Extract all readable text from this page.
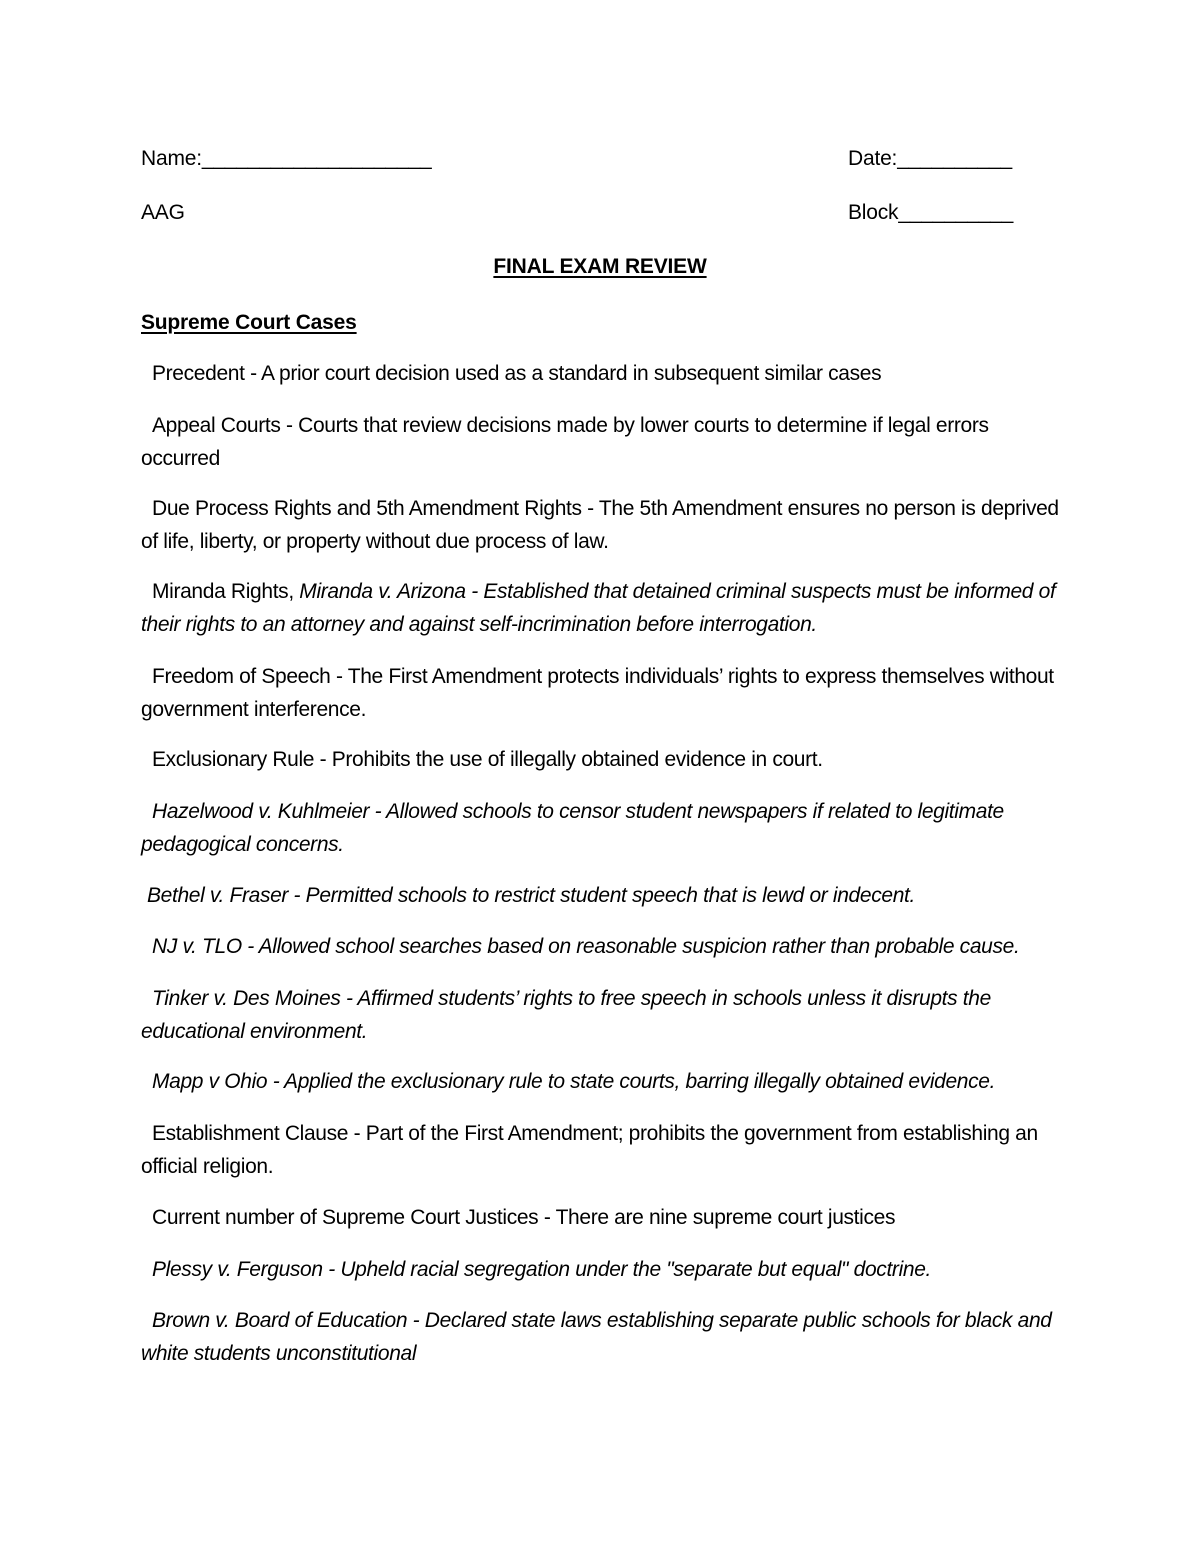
Name:____________________	Date:__________
AAG	Block__________
FINAL EXAM REVIEW
Supreme Court Cases
Precedent - A prior court decision used as a standard in subsequent similar cases
Appeal Courts - Courts that review decisions made by lower courts to determine if legal errors occurred
Due Process Rights and 5th Amendment Rights - The 5th Amendment ensures no person is deprived of life, liberty, or property without due process of law.
Miranda Rights, Miranda v. Arizona - Established that detained criminal suspects must be informed of their rights to an attorney and against self-incrimination before interrogation.
Freedom of Speech - The First Amendment protects individuals’ rights to express themselves without government interference.
Exclusionary Rule - Prohibits the use of illegally obtained evidence in court.
Hazelwood v. Kuhlmeier - Allowed schools to censor student newspapers if related to legitimate pedagogical concerns.
Bethel v. Fraser - Permitted schools to restrict student speech that is lewd or indecent.
NJ v. TLO - Allowed school searches based on reasonable suspicion rather than probable cause.
Tinker v. Des Moines - Affirmed students’ rights to free speech in schools unless it disrupts the educational environment.
Mapp v Ohio - Applied the exclusionary rule to state courts, barring illegally obtained evidence.
Establishment Clause - Part of the First Amendment; prohibits the government from establishing an official religion.
Current number of Supreme Court Justices - There are nine supreme court justices
Plessy v. Ferguson - Upheld racial segregation under the "separate but equal" doctrine.
Brown v. Board of Education - Declared state laws establishing separate public schools for black and white students unconstitutional
